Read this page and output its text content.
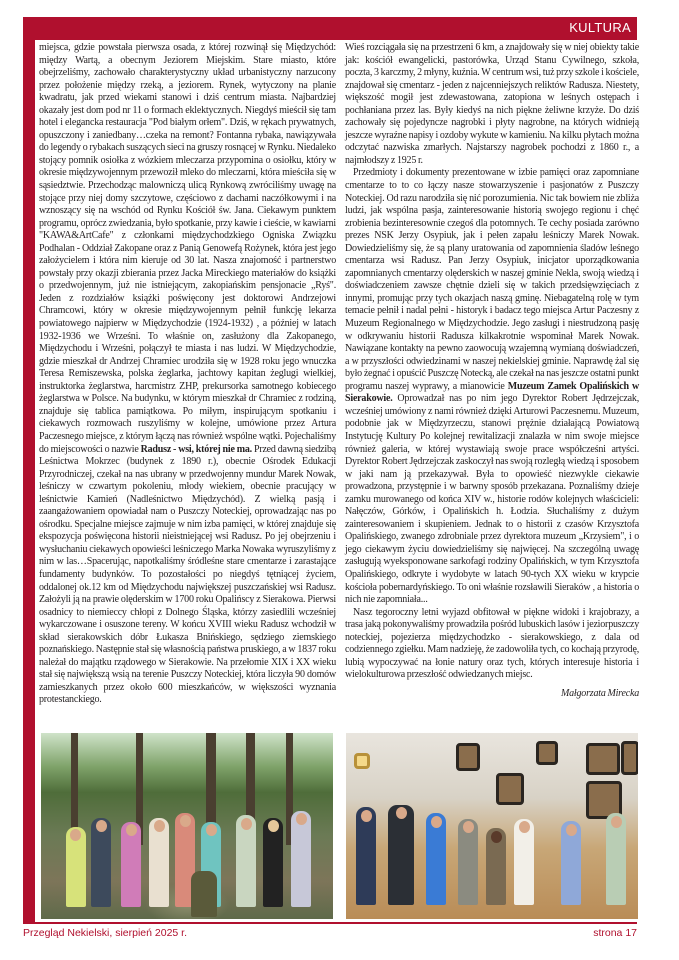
KULTURA

miejsca, gdzie powstała pierwsza osada, z której rozwinął się Międzychód: między Wartą, a obecnym Jeziorem Miejskim. Stare miasto, które obejrzeliśmy, zachowało charakterystyczny układ urbanistyczny narzucony przez położenie między rzeką, a jeziorem. Rynek, wytyczony na planie kwadratu, jak przed wiekami stanowi i dziś centrum miasta. Najbardziej okazały jest dom pod nr 11 o formach eklektycznych. Niegdyś mieścił się tam hotel i elegancka restauracja "Pod białym orłem". Dziś, w rękach prywatnych, opuszczony i zaniedbany…czeka na remont? Fontanna rybaka, nawiązywała do legendy o rybakach suszących sieci na gruszy rosnącej w Rynku. Niedaleko stojący pomnik osiołka z wózkiem mleczarza przypomina o osiołku, który w okresie międzywojennym przewoził mleko do mleczarni, która mieściła się w sąsiedztwie. Przechodząc malowniczą ulicą Rynkową zwróciliśmy uwagę na stojące przy niej domy szczytowe, częściowo z dachami naczółkowymi i na wznoszący się na wschód od Rynku Kościół św. Jana. Ciekawym punktem programu, oprócz zwiedzania, było spotkanie, przy kawie i cieście, w kawiarni "KAWA&ArtCafe" z członkami międzychodzkiego Ogniska Związku Podhalan - Oddział Zakopane oraz z Panią Genowefą Rożynek, która jest jego założycielem i która nim kieruje od 30 lat. Nasza znajomość i partnerstwo powstały przy okazji zbierania przez Jacka Mireckiego materiałów do książki o przedwojennym, już nie istniejącym, zakopiańskim pensjonacie „Ryś". Jeden z rozdziałów książki poświęcony jest doktorowi Andrzejowi Chramcowi, który w okresie międzywojennym pełnił funkcję lekarza powiatowego najpierw w Międzychodzie (1924-1932) , a później w latach 1932-1936 we Wrześni. To właśnie on, zasłużony dla Zakopanego, Międzychodu i Wrześni, połączył te miasta i nas ludzi. W Międzychodzie, gdzie mieszkał dr Andrzej Chramiec urodziła się w 1928 roku jego wnuczka Teresa Remiszewska, polska żeglarka, jachtowy kapitan żeglugi wielkiej, instruktorka żeglarstwa, harcmistrz ZHP, prekursorka samotnego kobiecego żeglarstwa w Polsce. Na budynku, w którym mieszkał dr Chramiec z rodziną, znajduje się tablica pamiątkowa. Po miłym, inspirującym spotkaniu i ciekawych rozmowach ruszyliśmy w kolejne, umówione przez Artura Paczesnego miejsce, z którym łączą nas również wspólne wątki. Pojechaliśmy do miejscowości o nazwie Radusz - wsi, której nie ma. Przed dawną siedzibą Leśnictwa Mokrzec (budynek z 1890 r.), obecnie Ośrodek Edukacji Przyrodniczej, czekał na nas ubrany w przedwojenny mundur Marek Nowak, leśniczy w czwartym pokoleniu, młody wiekiem, obecnie pracujący w leśnictwie Kamień (Nadleśnictwo Międzychód). Z wielką pasją i zaangażowaniem opowiadał nam o Puszczy Noteckiej, oprowadzając nas po ośrodku. Specjalne miejsce zajmuje w nim izba pamięci, w której znajduje się ekspozycja poświęcona historii nieistniejącej wsi Radusz. Po jej obejrzeniu i wysłuchaniu ciekawych opowieści leśniczego Marka Nowaka wyruszyliśmy z nim w las…Spacerując, napotkaliśmy śródleśne stare cmentarze i zarastające fundamenty budynków. To pozostałości po niegdyś tętniącej życiem, oddalonej ok.12 km od Międzychodu największej puszczańskiej wsi Radusz. Założyli ją na prawie olęderskim w 1700 roku Opalińscy z Sierakowa. Pierwsi osadnicy to niemieccy chłopi z Dolnego Śląska, którzy zasiedlili wcześniej wykarczowane i osuszone tereny. W końcu XVIII wieku Radusz wchodził w skład sierakowskich dóbr Łukasza Bnińskiego, sędziego ziemskiego poznańskiego. Następnie stał się własnością państwa pruskiego, a w 1837 roku należał do majątku rządowego w Sierakowie. Na przełomie XIX i XX wieku stał się największą wsią na terenie Puszczy Noteckiej, która liczyła 90 domów zamieszkanych przez około 600 mieszkańców, w większości wyznania protestanckiego.

Wieś rozciągała się na przestrzeni 6 km, a znajdowały się w niej obiekty takie jak: kościół ewangelicki, pastorówka, Urząd Stanu Cywilnego, szkoła, poczta, 3 karczmy, 2 młyny, kuźnia. W centrum wsi, tuż przy szkole i kościele, znajdował się cmentarz - jeden z najcenniejszych reliktów Radusza. Niestety, większość mogił jest zdewastowana, zatopiona w leśnych ostępach i pochłaniana przez las. Były kiedyś na nich piękne żeliwne krzyże. Do dziś zachowały się pojedyncze nagrobki i płyty nagrobne, na których widnieją jeszcze wyraźne napisy i ozdoby wykute w kamieniu. Na kilku płytach można odczytać nazwiska zmarłych. Najstarszy nagrobek pochodzi z 1860 r., a najmłodszy z 1925 r.

Przedmioty i dokumenty prezentowane w izbie pamięci oraz zapomniane cmentarze to to co łączy nasze stowarzyszenie i pasjonatów z Puszczy Noteckiej. Od razu narodziła się nić porozumienia. Nic tak bowiem nie zbliża ludzi, jak wspólna pasja, zainteresowanie historią swojego regionu i chęć zrobienia bezinteresownie czegoś dla potomnych. Te cechy posiada zarówno prezes NSK Jerzy Osypiuk, jak i pełen zapału leśniczy Marek Nowak. Dowiedzieliśmy się, że są plany uratowania od zapomnienia śladów leśnego cmentarza wsi Radusz. Pan Jerzy Osypiuk, inicjator uporządkowania zapomnianych cmentarzy olęderskich w naszej gminie Nekla, swoją wiedzą i doświadczeniem zawsze chętnie dzieli się w takich przedsięwzięciach z innymi, promując przy tych okazjach naszą gminę. Niebagatelną rolę w tym temacie pełnił i nadal pełni - historyk i badacz tego miejsca Artur Paczesny z Muzeum Regionalnego w Międzychodzie. Jego zasługi i niestrudzoną pasję w odkrywaniu historii Radusza kilkakrotnie wspominał Marek Nowak. Nawiązane kontakty na pewno zaowocują wzajemną wymianą doświadczeń, a w przyszłości odwiedzinami w naszej nekielskiej gminie. Naprawdę żal się było żegnać i opuścić Puszczę Notecką, ale czekał na nas jeszcze ostatni punkt programu naszej wyprawy, a mianowicie Muzeum Zamek Opalińskich w Sierakowie. Oprowadzał nas po nim jego Dyrektor Robert Jędrzejczak, wcześniej umówiony z nami również dzięki Arturowi Paczesnemu. Muzeum, podobnie jak w Międzyrzeczu, stanowi prężnie działającą Powiatową Instytucję Kultury Po kolejnej rewitalizacji znalazła w nim swoje miejsce również galeria, w której wystawiają swoje prace współcześni artyści. Dyrektor Robert Jędrzejczak zaskoczył nas swoją rozległą wiedzą i sposobem w jaki nam ją przekazywał. Była to opowieść niezwykle ciekawie prowadzona, przystępnie i w barwny sposób przekazana. Poznaliśmy dzieje zamku murowanego od końca XIV w., historie rodów kolejnych właścicieli: Nałęczów, Górków, i Opalińskich h. Łodzia. Słuchaliśmy z dużym zainteresowaniem i skupieniem. Jednak to o historii z czasów Krzysztofa Opalińskiego, zwanego zdrobniale przez dyrektora muzeum „Krzysiem", i o jego ciekawym życiu dowiedzieliśmy się najwięcej. Na szczególną uwagę zasługują wyeksponowane sarkofagi rodziny Opalińskich, w tym Krzysztofa Opalińskiego, odkryte i wydobyte w latach 90-tych XX wieku w krypcie kościoła pobernardyńskiego. To oni właśnie rozsławili Sieraków , a historia o nich nie zapomniała...

Nasz tegoroczny letni wyjazd obfitował w piękne widoki i krajobrazy, a trasa jaką pokonywaliśmy prowadziła pośród lubuskich lasów i jeziorpuszczy noteckiej, pojezierza międzychodzko - sierakowskiego, z dala od codziennego zgiełku. Mam nadzieję, że zadowoliła tych, co kochają przyrodę, lubią wypoczywać na łonie natury oraz tych, których interesuje historia i wielokulturowa przeszłość odwiedzanych miejsc.

Małgorzata Mirecka

Przegląd Nekielski, sierpień 2025 r.	strona 17
